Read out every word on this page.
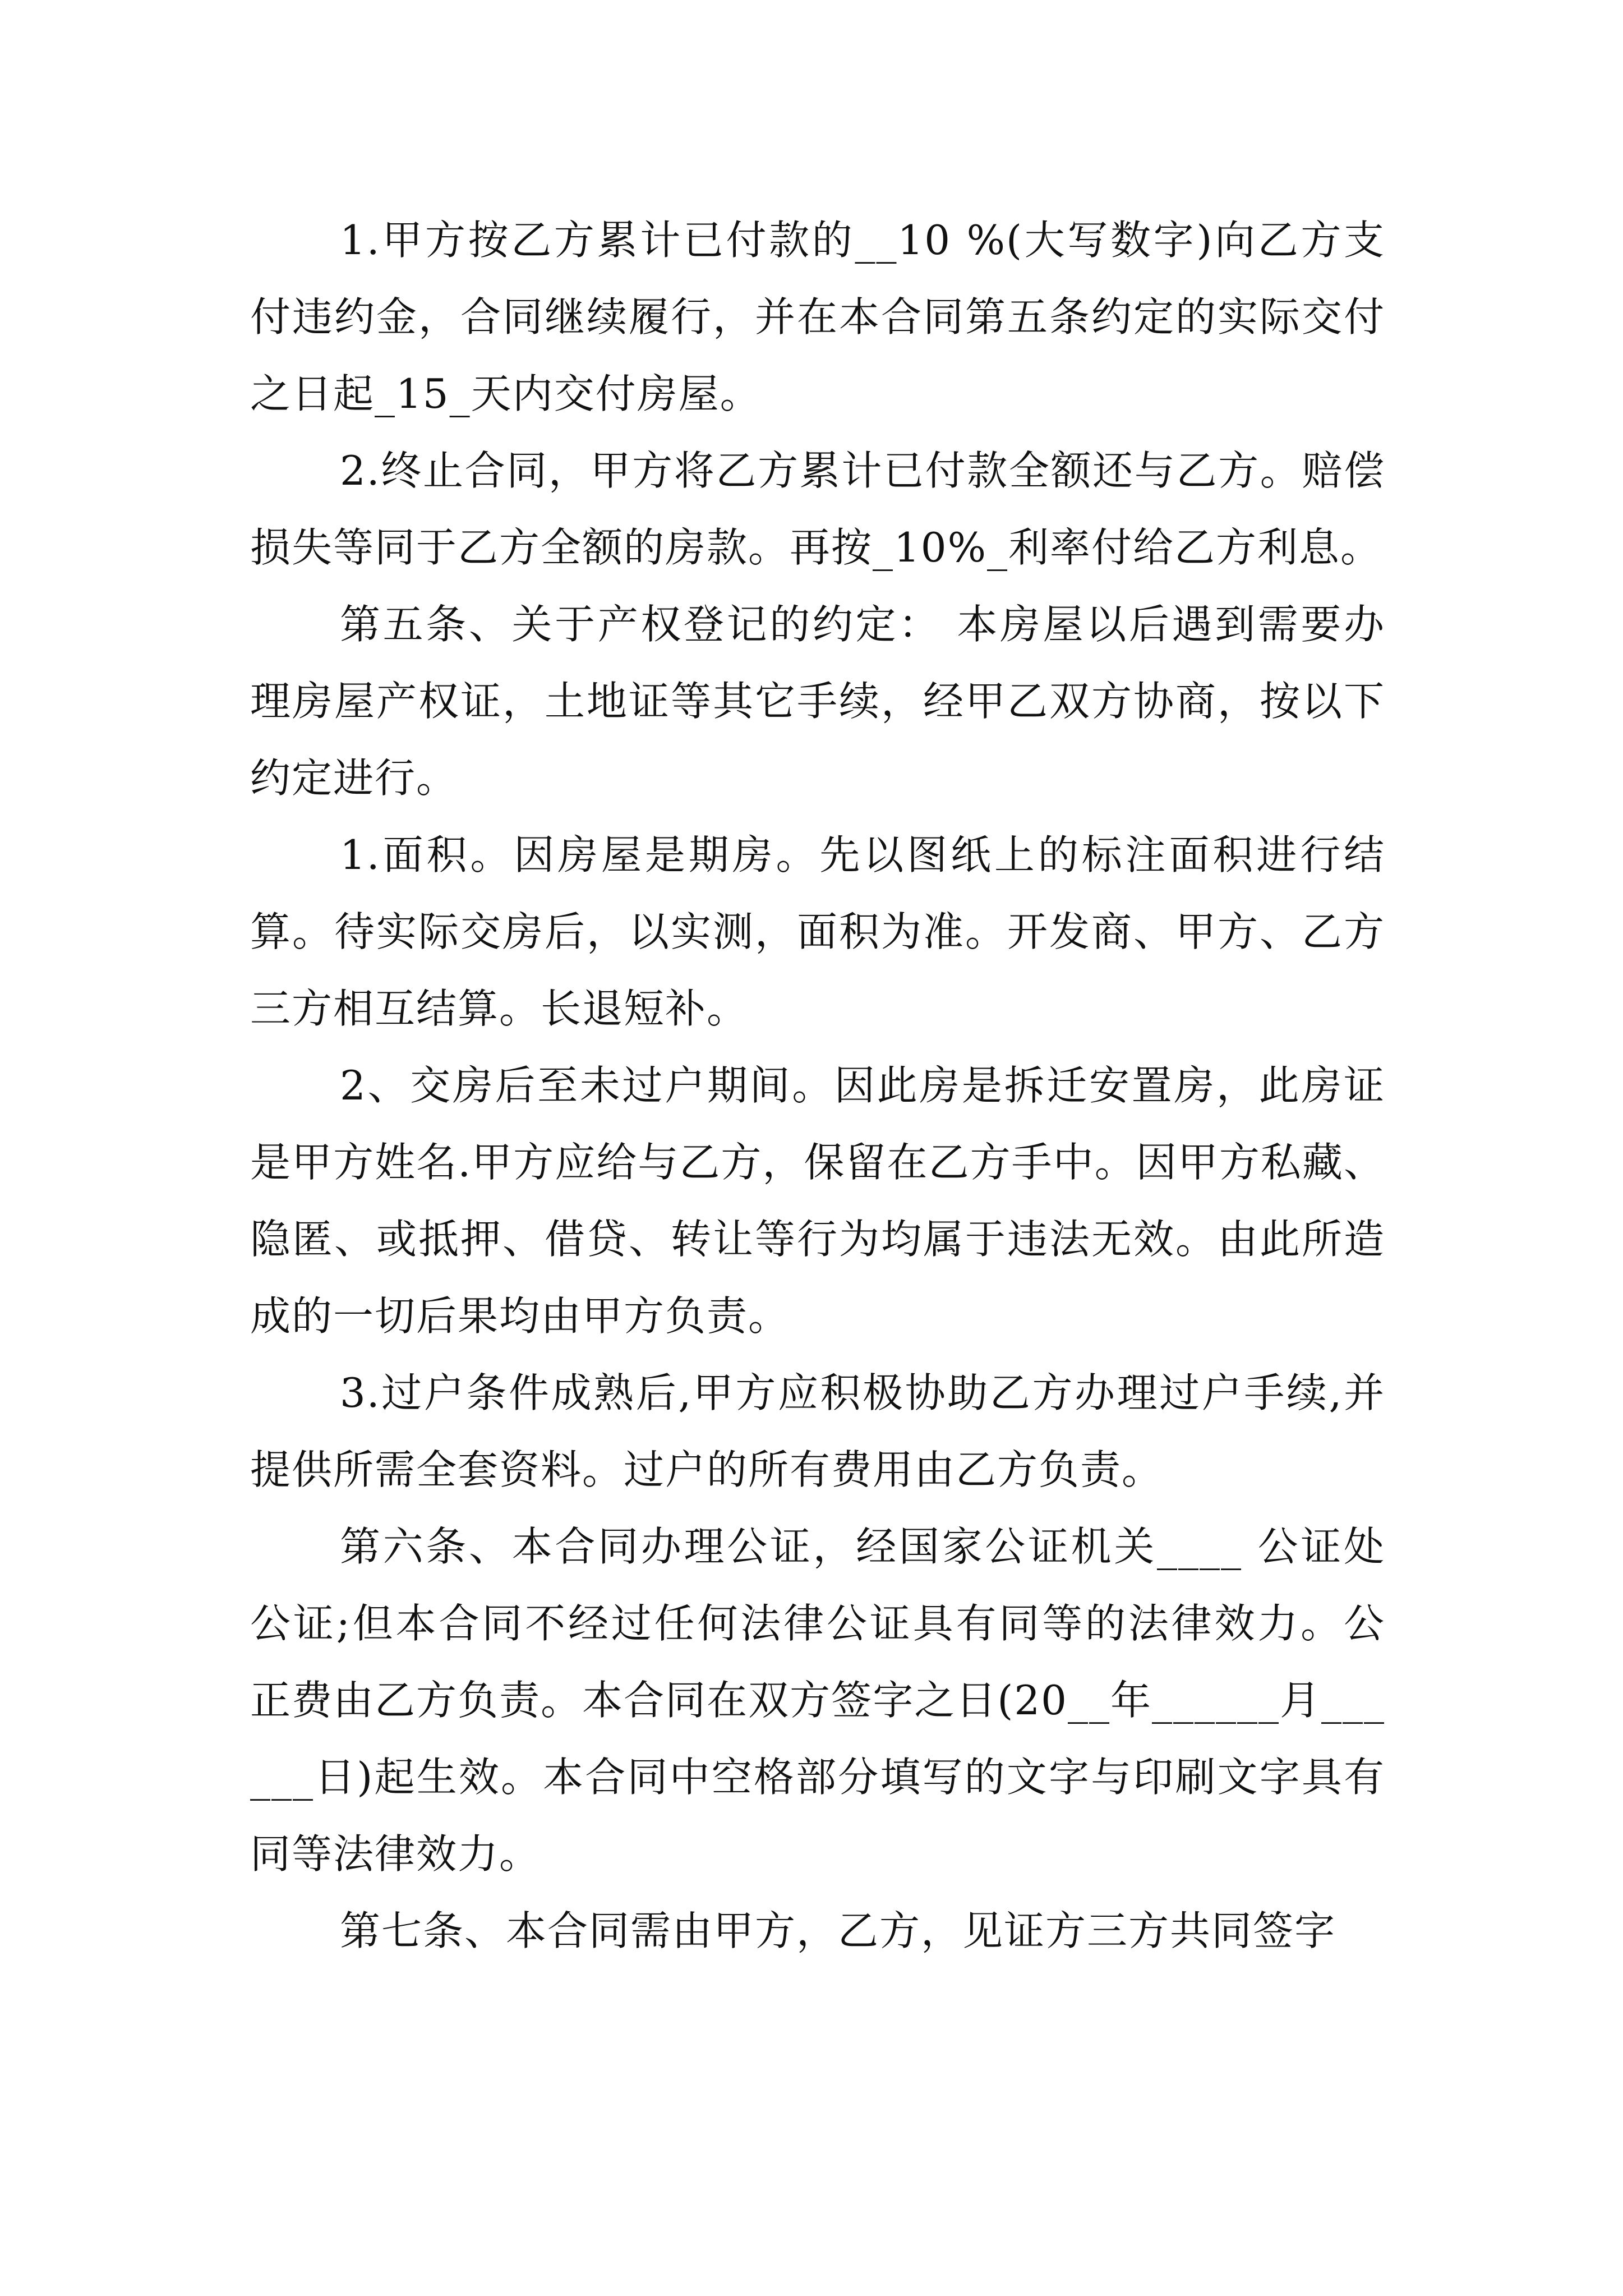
1.甲方按乙方累计已付款的__10 %(大写数字)向乙方支付违约金，合同继续履行，并在本合同第五条约定的实际交付之日起_15_天内交付房屋。

2.终止合同，甲方将乙方累计已付款全额还与乙方。赔偿损失等同于乙方全额的房款。再按_10%_利率付给乙方利息。

第五条、关于产权登记的约定： 本房屋以后遇到需要办理房屋产权证，土地证等其它手续，经甲乙双方协商，按以下约定进行。

1.面积。因房屋是期房。先以图纸上的标注面积进行结算。待实际交房后，以实测，面积为准。开发商、甲方、乙方三方相互结算。长退短补。

2、交房后至未过户期间。因此房是拆迁安置房，此房证是甲方姓名.甲方应给与乙方，保留在乙方手中。因甲方私藏、隐匿、或抵押、借贷、转让等行为均属于违法无效。由此所造成的一切后果均由甲方负责。

3.过户条件成熟后,甲方应积极协助乙方办理过户手续,并提供所需全套资料。过户的所有费用由乙方负责。

第六条、本合同办理公证，经国家公证机关____ 公证处公证;但本合同不经过任何法律公证具有同等的法律效力。公正费由乙方负责。本合同在双方签字之日(20__年______月______日)起生效。本合同中空格部分填写的文字与印刷文字具有同等法律效力。

第七条、本合同需由甲方，乙方，见证方三方共同签字
